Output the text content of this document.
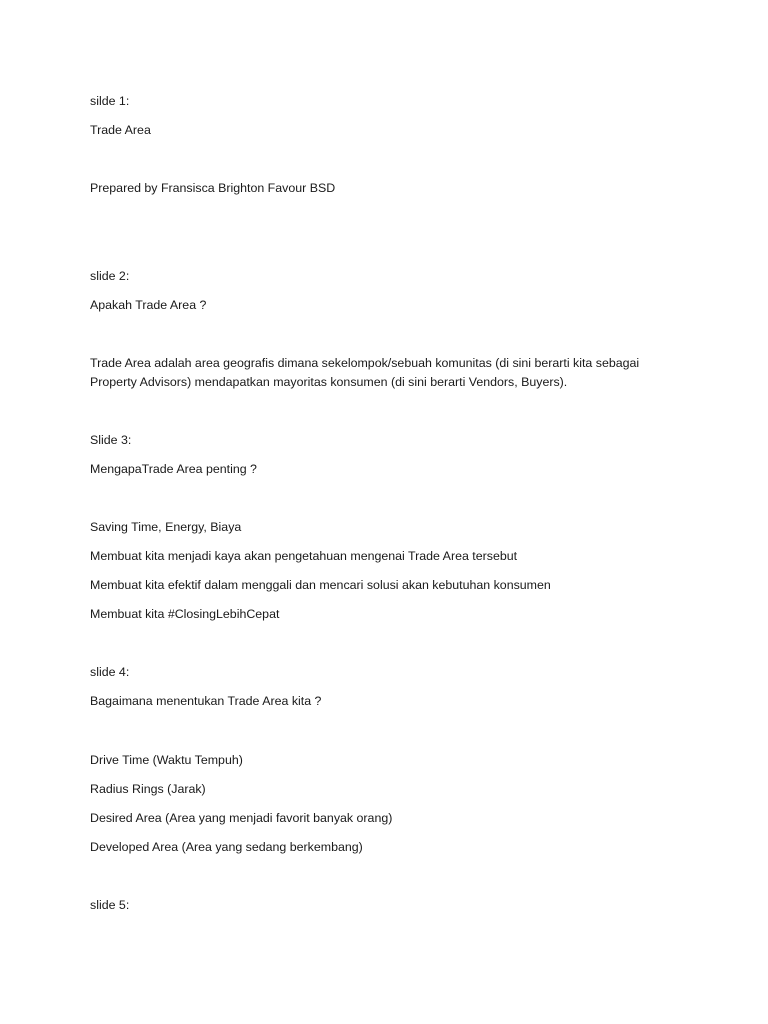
silde 1:
Trade Area
Prepared by Fransisca Brighton Favour BSD
slide 2:
Apakah Trade Area ?
Trade Area adalah area geografis dimana sekelompok/sebuah komunitas (di sini berarti kita sebagai Property Advisors) mendapatkan mayoritas konsumen (di sini berarti Vendors, Buyers).
Slide 3:
MengapaTrade Area penting ?
Saving Time, Energy, Biaya
Membuat kita menjadi kaya akan pengetahuan mengenai Trade Area tersebut
Membuat kita efektif dalam menggali dan mencari solusi akan kebutuhan konsumen
Membuat kita #ClosingLebihCepat
slide 4:
Bagaimana menentukan Trade Area kita ?
Drive Time (Waktu Tempuh)
Radius Rings (Jarak)
Desired Area (Area yang menjadi favorit banyak orang)
Developed Area (Area yang sedang berkembang)
slide 5:
